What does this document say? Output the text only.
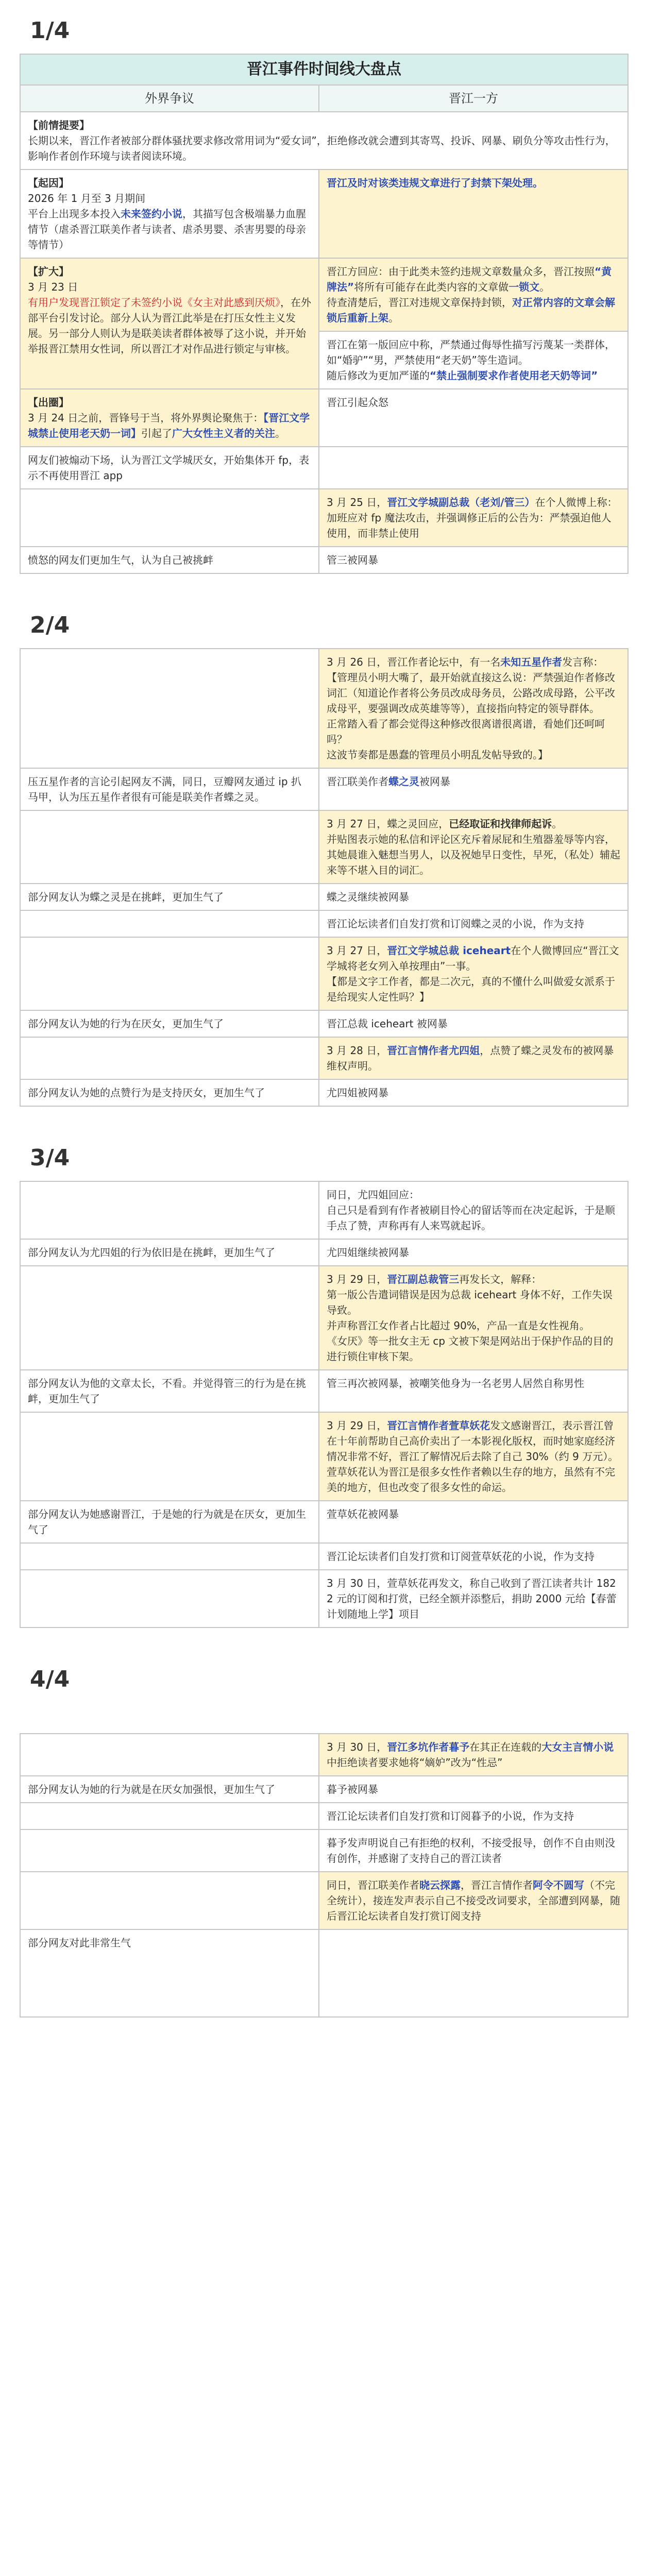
1/4
晋江事件时间线大盘点	
外界争议	晋江一方

【前情提要】
长期以来，晋江作者被部分群体骚扰要求修改常用词为“爱女词”，拒绝修改就会遭到其寄骂、投诉、网暴、刷负分等攻击性行为，影响作者创作环境与读者阅读环境。	

【起因】
2026 年 1 月至 3 月期间
平台上出现多本投入未来签约小说，其描写包含极端暴力血腥情节（虐杀晋江联美作者与读者、虐杀男婴、杀害男婴的母亲等情节）	晋江及时对该类违规文章进行了封禁下架处理。

【扩大】
3 月 23 日
有用户发现晋江锁定了未签约小说《女主对此感到厌烦》，在外部平台引发讨论。部分人认为晋江此举是在打压女性主义发展。另一部分人则认为是联美读者群体被辱了这小说，并开始举报晋江禁用女性词，所以晋江才对作品进行锁定与审核。	晋江方回应：由于此类未签约违规文章数量众多，晋江按照“黄牌法”将所有可能存在此类内容的文章做一锁文。
待查清楚后，晋江对违规文章保持封锁，对正常内容的文章会解锁后重新上架。

	晋江在第一版回应中称，严禁通过侮辱性描写污蔑某一类群体，如“婚驴”“男，严禁使用“老天奶”等生造词。
随后修改为更加严谨的“禁止强制要求作者使用老天奶等词”

【出圈】
3 月 24 日之前，晋锋号于当，将外界舆论聚焦于：【晋江文学城禁止使用老天奶一词】引起了广大女性主义者的关注。	晋江引起众怒
网友们被煽动下场，认为晋江文学城厌女，开始集体开 fp，表示不再使用晋江 app	
	3 月 25 日，晋江文学城副总裁（老刘/管三）在个人微博上称：加班应对 fp 魔法攻击，并强调修正后的公告为：严禁强迫他人使用，而非禁止使用
愤怒的网友们更加生气，认为自己被挑衅	管三被网暴
2/4
	3 月 26 日，晋江作者论坛中，有一名未知五星作者发言称：
【管理员小明大嘴了，最开始就直接这么说：严禁强迫作者修改词汇（知道论作者将公务员改成母务员，公路改成母路，公平改成母平，要强调改成英雄等等），直接指向特定的领导群体。
正常踏入看了都会觉得这种修改很离谱很离谱，看她们还呵呵吗？
这波节奏都是愚蠢的管理员小明乱发帖导致的。】

压五星作者的言论引起网友不满，同日，豆瓣网友通过 ip 扒马甲，认为压五星作者很有可能是联美作者蝶之灵。	晋江联美作者蝶之灵被网暴
	3 月 27 日，蝶之灵回应，已经取证和找律师起诉。
并贴图表示她的私信和评论区充斥着尿屁和生殖器羞辱等内容，其她晨谁入魅想当男人，以及祝她早日变性，早死，（私处）辅起来等不堪入目的词汇。

部分网友认为蝶之灵是在挑衅，更加生气了	蝶之灵继续被网暴
	晋江论坛读者们自发打赏和订阅蝶之灵的小说，作为支持
	3 月 27 日，晋江文学城总裁 iceheart在个人微博回应“晋江文学城将老女列入单按理由”一事。
【都是文字工作者，都是二次元，真的不懂什么叫做爱女派系于是给现实人定性吗？】

部分网友认为她的行为在厌女，更加生气了	晋江总裁 iceheart 被网暴
	3 月 28 日，晋江言情作者尤四姐，点赞了蝶之灵发布的被网暴维权声明。
部分网友认为她的点赞行为是支持厌女，更加生气了	尤四姐被网暴
3/4

	同日，尤四姐回应：
自己只是看到有作者被刷目怜心的留话等而在决定起诉，于是顺手点了赞，声称再有人来骂就起诉。
部分网友认为尤四姐的行为依旧是在挑衅，更加生气了	尤四姐继续被网暴
	3 月 29 日，晋江副总裁管三再发长文，解释：
第一版公告遣词错误是因为总裁 iceheart 身体不好，工作失误导致。
并声称晋江女作者占比超过 90%，产品一直是女性视角。
《女厌》等一批女主无 cp 文被下架是网站出于保护作品的目的进行锁住审核下架。

部分网友认为他的文章太长，不看。并觉得管三的行为是在挑衅，更加生气了	管三再次被网暴，被嘲笑他身为一名老男人居然自称男性
	3 月 29 日，晋江言情作者萱草妖花发文感谢晋江，表示晋江曾在十年前帮助自己高价卖出了一本影视化版权，而时她家庭经济情况非常不好，晋江了解情况后去除了自己 30%（约 9 万元）。
萱草妖花认为晋江是很多女性作者赖以生存的地方，虽然有不完美的地方，但也改变了很多女性的命运。

部分网友认为她感谢晋江，于是她的行为就是在厌女，更加生气了	萱草妖花被网暴
	晋江论坛读者们自发打赏和订阅萱草妖花的小说，作为支持
	3 月 30 日，萱草妖花再发文，称自己收到了晋江读者共计 1822 元的订阅和打赏，已经全额并添整后，捐助 2000 元给【春蕾计划随地上学】项目
4/4
	3 月 30 日，晋江多坑作者暮予在其正在连载的大女主言情小说中拒绝读者要求她将“嫡妒”改为“性忌”
部分网友认为她的行为就是在厌女加强恨，更加生气了	暮予被网暴
	晋江论坛读者们自发打赏和订阅暮予的小说，作为支持
	暮予发声明说自己有拒绝的权利，不接受报导，创作不自由则没有创作，并感谢了支持自己的晋江读者
	同日，晋江联美作者晓云探露，晋江言情作者阿令不圆写（不完全统计），接连发声表示自己不接受改词要求，全部遭到网暴，随后晋江论坛读者自发打赏订阅支持
部分网友对此非常生气	
